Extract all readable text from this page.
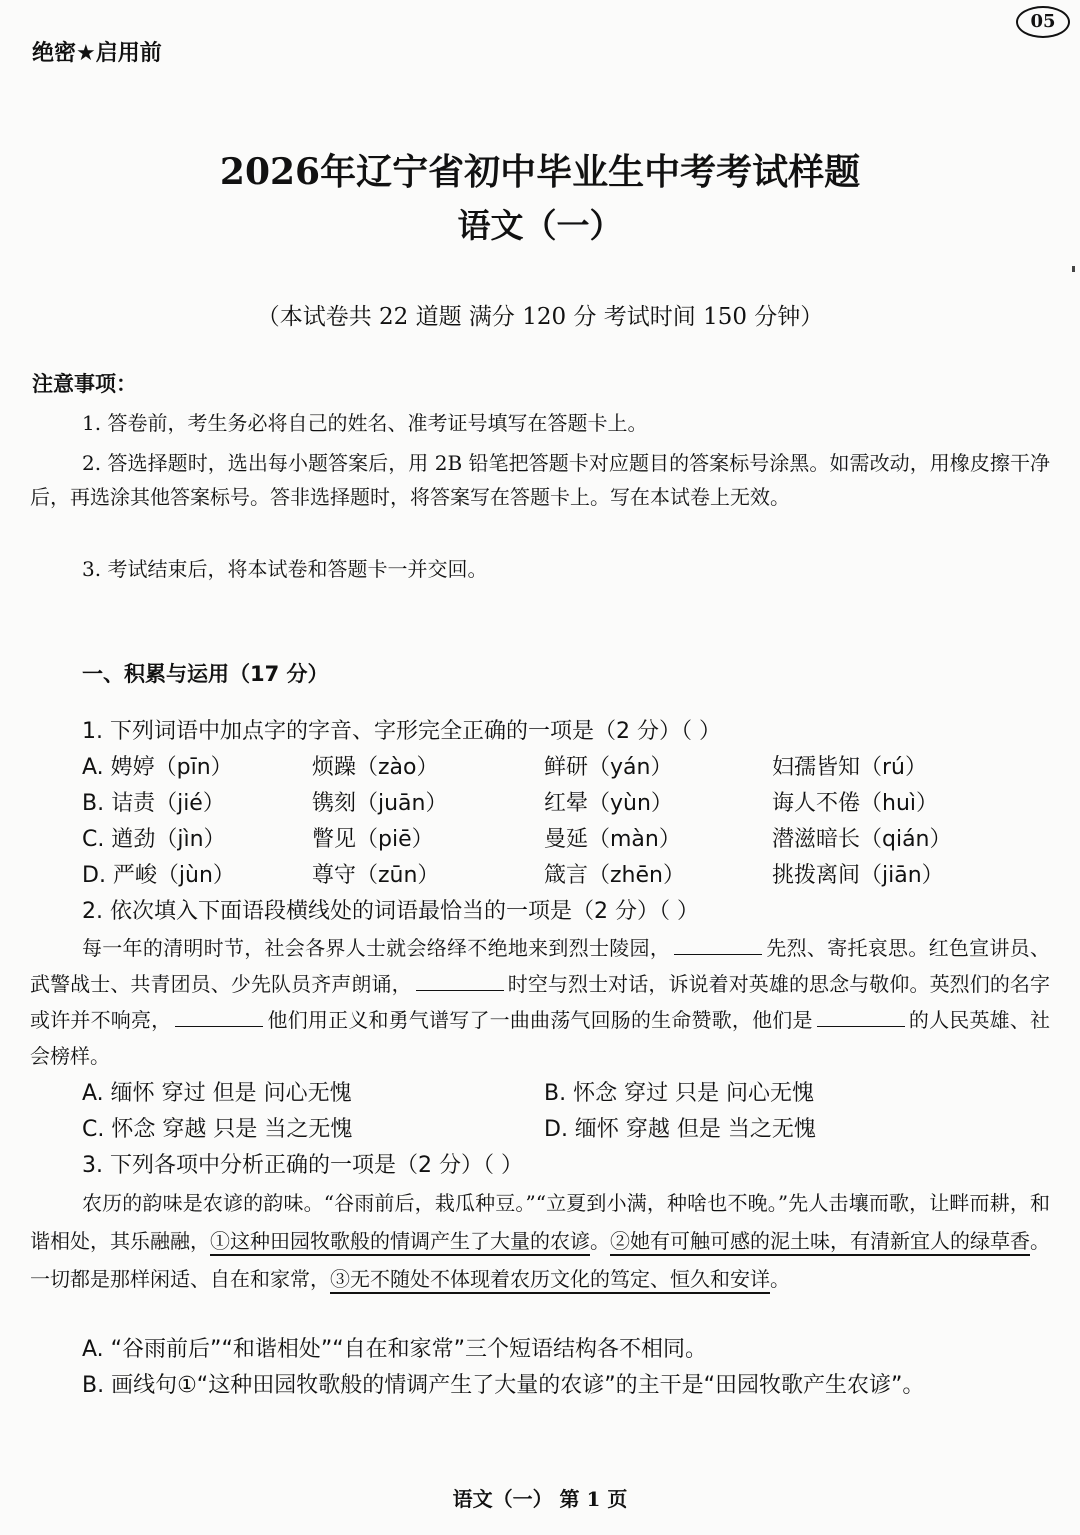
绝密★启用前
05
2026年辽宁省初中毕业生中考考试样题
语文（一）
（本试卷共 22 道题 满分 120 分 考试时间 150 分钟）
注意事项：
1. 答卷前，考生务必将自己的姓名、准考证号填写在答题卡上。
2. 答选择题时，选出每小题答案后，用 2B 铅笔把答题卡对应题目的答案标号涂黑。如需改动，用橡皮擦干净后，再选涂其他答案标号。答非选择题时，将答案写在答题卡上。写在本试卷上无效。
3. 考试结束后，将本试卷和答题卡一并交回。
一、积累与运用（17 分）
1. 下列词语中加点字的字音、字形完全正确的一项是（2 分）（ ）
A. 娉婷（pīn）	烦躁（zào）	鲜研（yán）	妇孺皆知（rú）
B. 诘责（jié）	镌刻（juān）	红晕（yùn）	诲人不倦（huì）
C. 遒劲（jìn）	瞥见（piē）	曼延（màn）	潜滋暗长（qián）
D. 严峻（jùn）	尊守（zūn）	箴言（zhēn）	挑拨离间（jiān）
2. 依次填入下面语段横线处的词语最恰当的一项是（2 分）（ ）
每一年的清明时节，社会各界人士就会络绎不绝地来到烈士陵园，	先烈、寄托哀思。红色宣讲员、武警战士、共青团员、少先队员齐声朗诵，	时空与烈士对话，诉说着对英雄的思念与敬仰。英烈们的名字或许并不响亮，	他们用正义和勇气谱写了一曲曲荡气回肠的生命赞歌，他们是	的人民英雄、社会榜样。
A. 缅怀 穿过 但是 问心无愧	B. 怀念 穿过 只是 问心无愧
C. 怀念 穿越 只是 当之无愧	D. 缅怀 穿越 但是 当之无愧
3. 下列各项中分析正确的一项是（2 分）（ ）
农历的韵味是农谚的韵味。“谷雨前后，栽瓜种豆。”“立夏到小满，种啥也不晚。”先人击壤而歌，让畔而耕，和谐相处，其乐融融，①这种田园牧歌般的情调产生了大量的农谚。②她有可触可感的泥土味，有清新宜人的绿草香。一切都是那样闲适、自在和家常，③无不随处不体现着农历文化的笃定、恒久和安详。
A. “谷雨前后”“和谐相处”“自在和家常”三个短语结构各不相同。
B. 画线句①“这种田园牧歌般的情调产生了大量的农谚”的主干是“田园牧歌产生农谚”。
语文（一） 第 1 页
